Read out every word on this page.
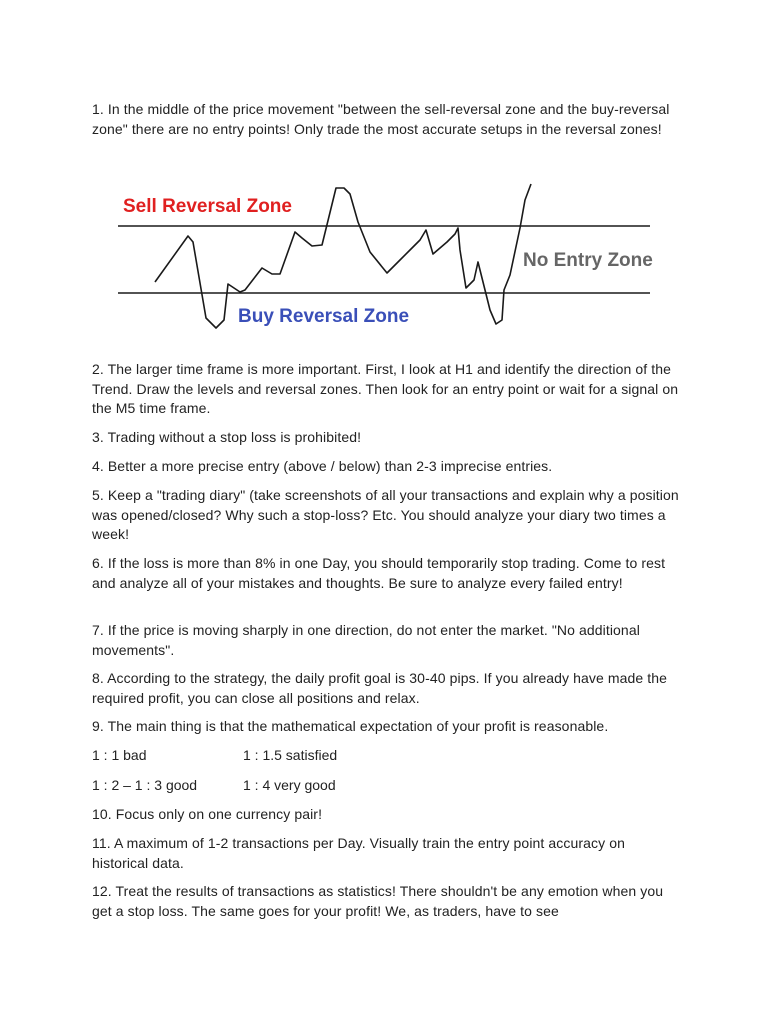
1. In the middle of the price movement "between the sell-reversal zone and the buy-reversal zone" there are no entry points! Only trade the most accurate setups in the reversal zones!

Sell Reversal Zone
Buy Reversal Zone
No Entry Zone

2. The larger time frame is more important. First, I look at H1 and identify the direction of the Trend. Draw the levels and reversal zones. Then look for an entry point or wait for a signal on the M5 time frame.

3. Trading without a stop loss is prohibited!

4. Better a more precise entry (above / below) than 2-3 imprecise entries.

5. Keep a "trading diary" (take screenshots of all your transactions and explain why a position was opened/closed? Why such a stop-loss? Etc. You should analyze your diary two times a week!

6. If the loss is more than 8% in one Day, you should temporarily stop trading. Come to rest and analyze all of your mistakes and thoughts. Be sure to analyze every failed entry!

7. If the price is moving sharply in one direction, do not enter the market. "No additional movements".

8. According to the strategy, the daily profit goal is 30-40 pips. If you already have made the required profit, you can close all positions and relax.

9. The main thing is that the mathematical expectation of your profit is reasonable.

1 : 1 bad	1 : 1.5 satisfied
1 : 2 – 1 : 3 good	1 : 4 very good

10. Focus only on one currency pair!

11. A maximum of 1-2 transactions per Day. Visually train the entry point accuracy on historical data.

12. Treat the results of transactions as statistics! There shouldn't be any emotion when you get a stop loss. The same goes for your profit! We, as traders, have to see
